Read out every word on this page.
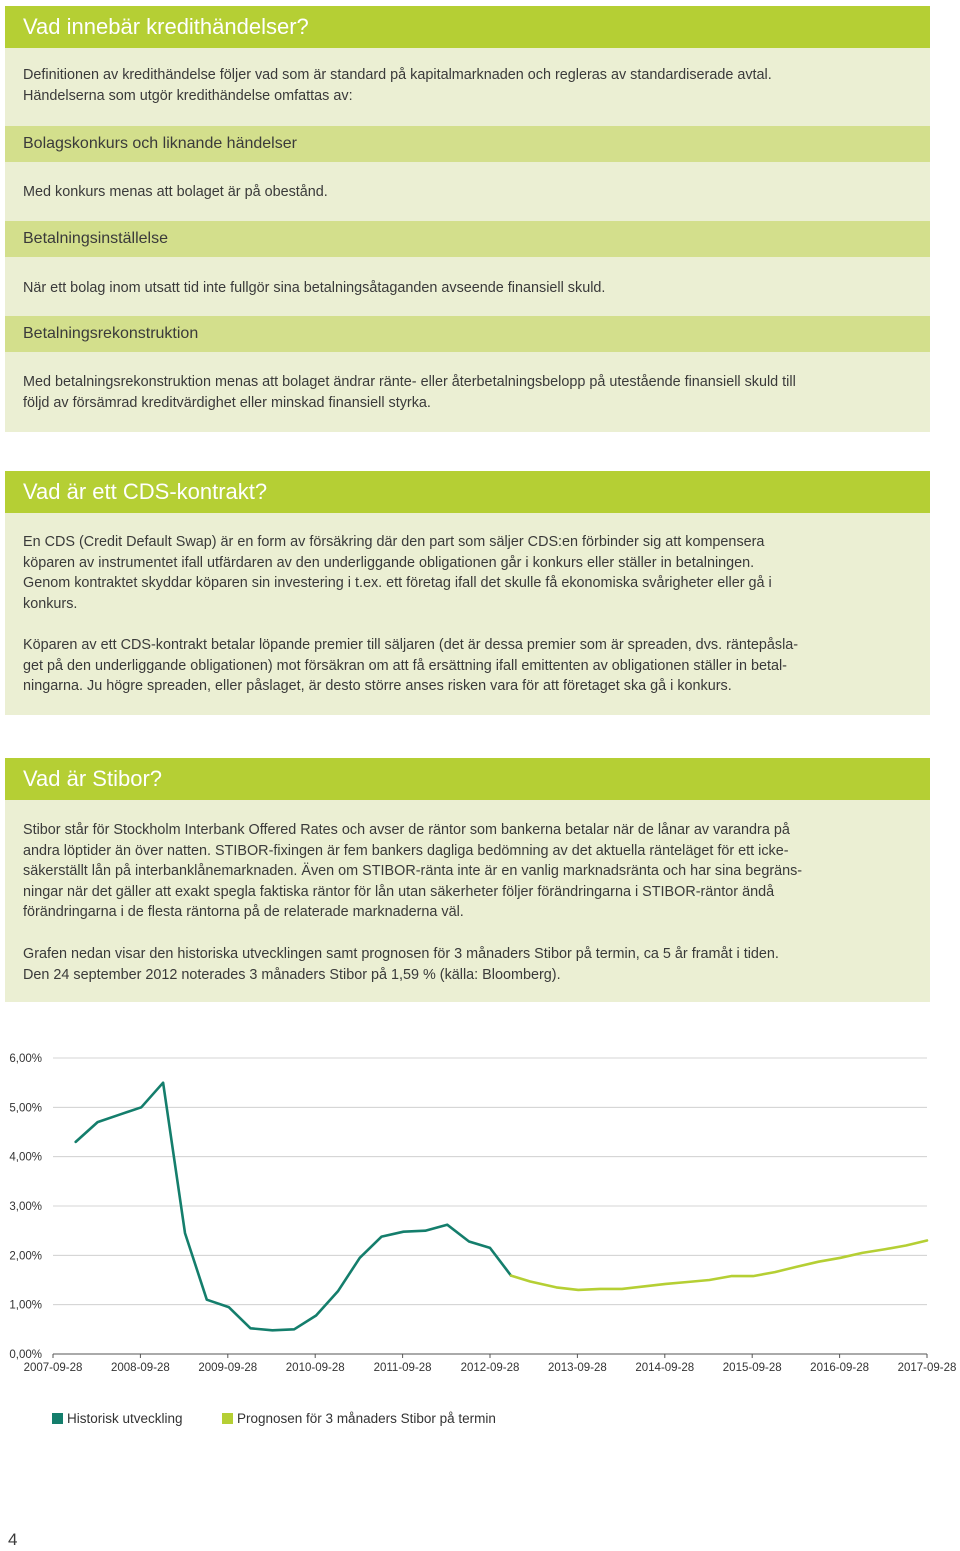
Vad innebär kredithändelser?
Definitionen av kredithändelse följer vad som är standard på kapitalmarknaden och regleras av standardiserade avtal.
Händelserna som utgör kredithändelse omfattas av:
Bolagskonkurs och liknande händelser
Med konkurs menas att bolaget är på obestånd.
Betalningsinställelse
När ett bolag inom utsatt tid inte fullgör sina betalningsåtaganden avseende finansiell skuld.
Betalningsrekonstruktion
Med betalningsrekonstruktion menas att bolaget ändrar ränte- eller återbetalningsbelopp på utestående finansiell skuld till
följd av försämrad kreditvärdighet eller minskad finansiell styrka.
Vad är ett CDS-kontrakt?
En CDS (Credit Default Swap) är en form av försäkring där den part som säljer CDS:en förbinder sig att kompensera
köparen av instrumentet ifall utfärdaren av den underliggande obligationen går i konkurs eller ställer in betalningen.
Genom kontraktet skyddar köparen sin investering i t.ex. ett företag ifall det skulle få ekonomiska svårigheter eller gå i
konkurs.
Köparen av ett CDS-kontrakt betalar löpande premier till säljaren (det är dessa premier som är spreaden, dvs. räntepåsla-
get på den underliggande obligationen) mot försäkran om att få ersättning ifall emittenten av obligationen ställer in betal-
ningarna. Ju högre spreaden, eller påslaget, är desto större anses risken vara för att företaget ska gå i konkurs.
Vad är Stibor?
Stibor står för Stockholm Interbank Offered Rates och avser de räntor som bankerna betalar när de lånar av varandra på
andra löptider än över natten. STIBOR-fixingen är fem bankers dagliga bedömning av det aktuella ränteläget för ett icke-
säkerställt lån på interbanklånemarknaden. Även om STIBOR-ränta inte är en vanlig marknadsränta och har sina begräns-
ningar när det gäller att exakt spegla faktiska räntor för lån utan säkerheter följer förändringarna i STIBOR-räntor ändå
förändringarna i de flesta räntorna på de relaterade marknaderna väl.
Grafen nedan visar den historiska utvecklingen samt prognosen för 3 månaders Stibor på termin, ca 5 år framåt i tiden.
Den 24 september 2012 noterades 3 månaders Stibor på 1,59 % (källa: Bloomberg).
0,00%
1,00%
2,00%
3,00%
4,00%
5,00%
6,00%
2007-09-28 2008-09-28 2009-09-28 2010-09-28	2011-09-28	2012-09-28 2013-09-28 2014-09-28 2015-09-28 2016-09-28 2017-09-28
Historisk utveckling	Prognosen för 3 månaders Stibor på termin
4
